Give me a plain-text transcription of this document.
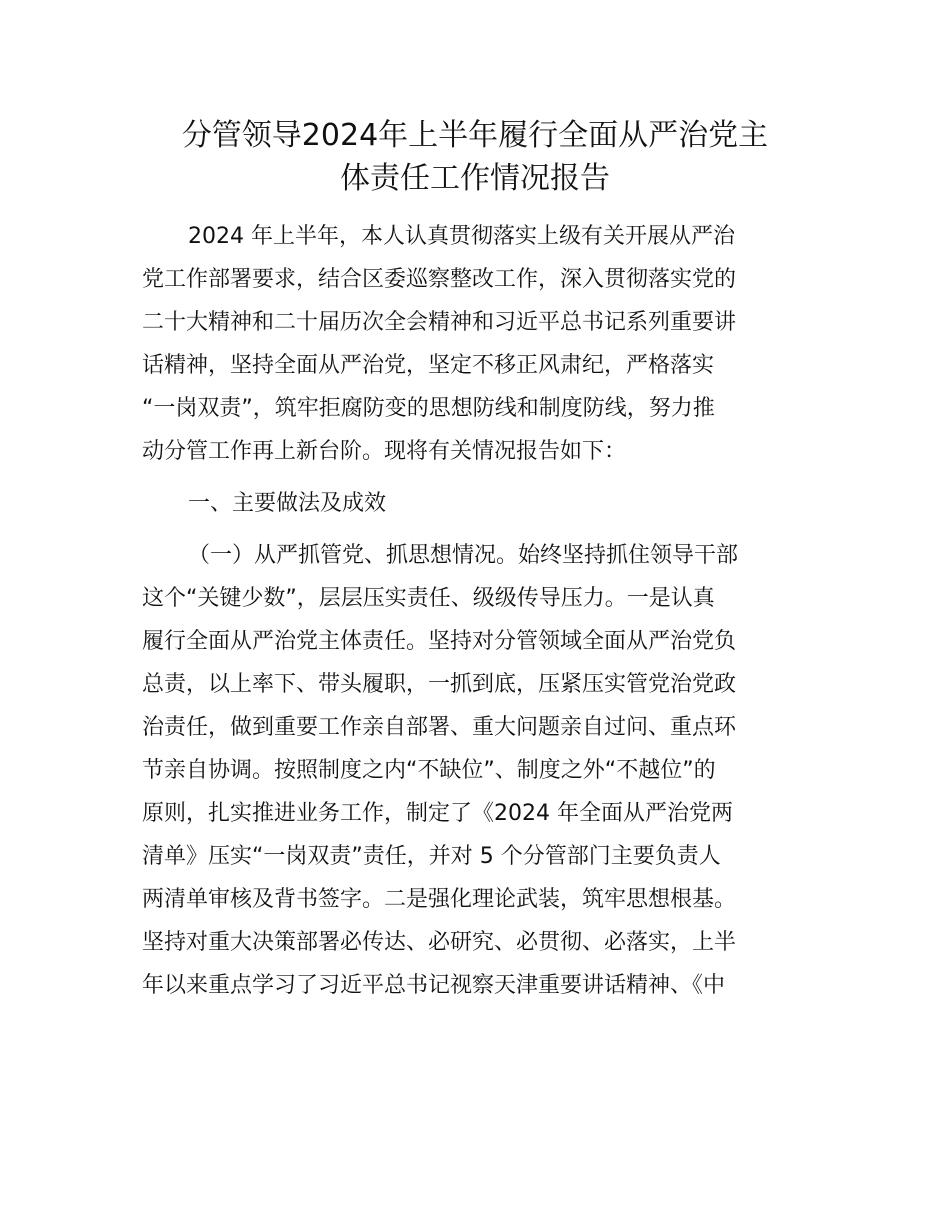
分管领导2024年上半年履行全面从严治党主
体责任工作情况报告
2024 年上半年，本人认真贯彻落实上级有关开展从严治
党工作部署要求，结合区委巡察整改工作，深入贯彻落实党的
二十大精神和二十届历次全会精神和习近平总书记系列重要讲
话精神，坚持全面从严治党，坚定不移正风肃纪，严格落实
“一岗双责”，筑牢拒腐防变的思想防线和制度防线，努力推
动分管工作再上新台阶。现将有关情况报告如下：
一、主要做法及成效
（一）从严抓管党、抓思想情况。始终坚持抓住领导干部
这个“关键少数”，层层压实责任、级级传导压力。一是认真
履行全面从严治党主体责任。坚持对分管领域全面从严治党负
总责，以上率下、带头履职，一抓到底，压紧压实管党治党政
治责任，做到重要工作亲自部署、重大问题亲自过问、重点环
节亲自协调。按照制度之内“不缺位”、制度之外“不越位”的
原则，扎实推进业务工作，制定了《2024 年全面从严治党两
清单》压实“一岗双责”责任，并对 5 个分管部门主要负责人
两清单审核及背书签字。二是强化理论武装，筑牢思想根基。
坚持对重大决策部署必传达、必研究、必贯彻、必落实，上半
年以来重点学习了习近平总书记视察天津重要讲话精神、《中
